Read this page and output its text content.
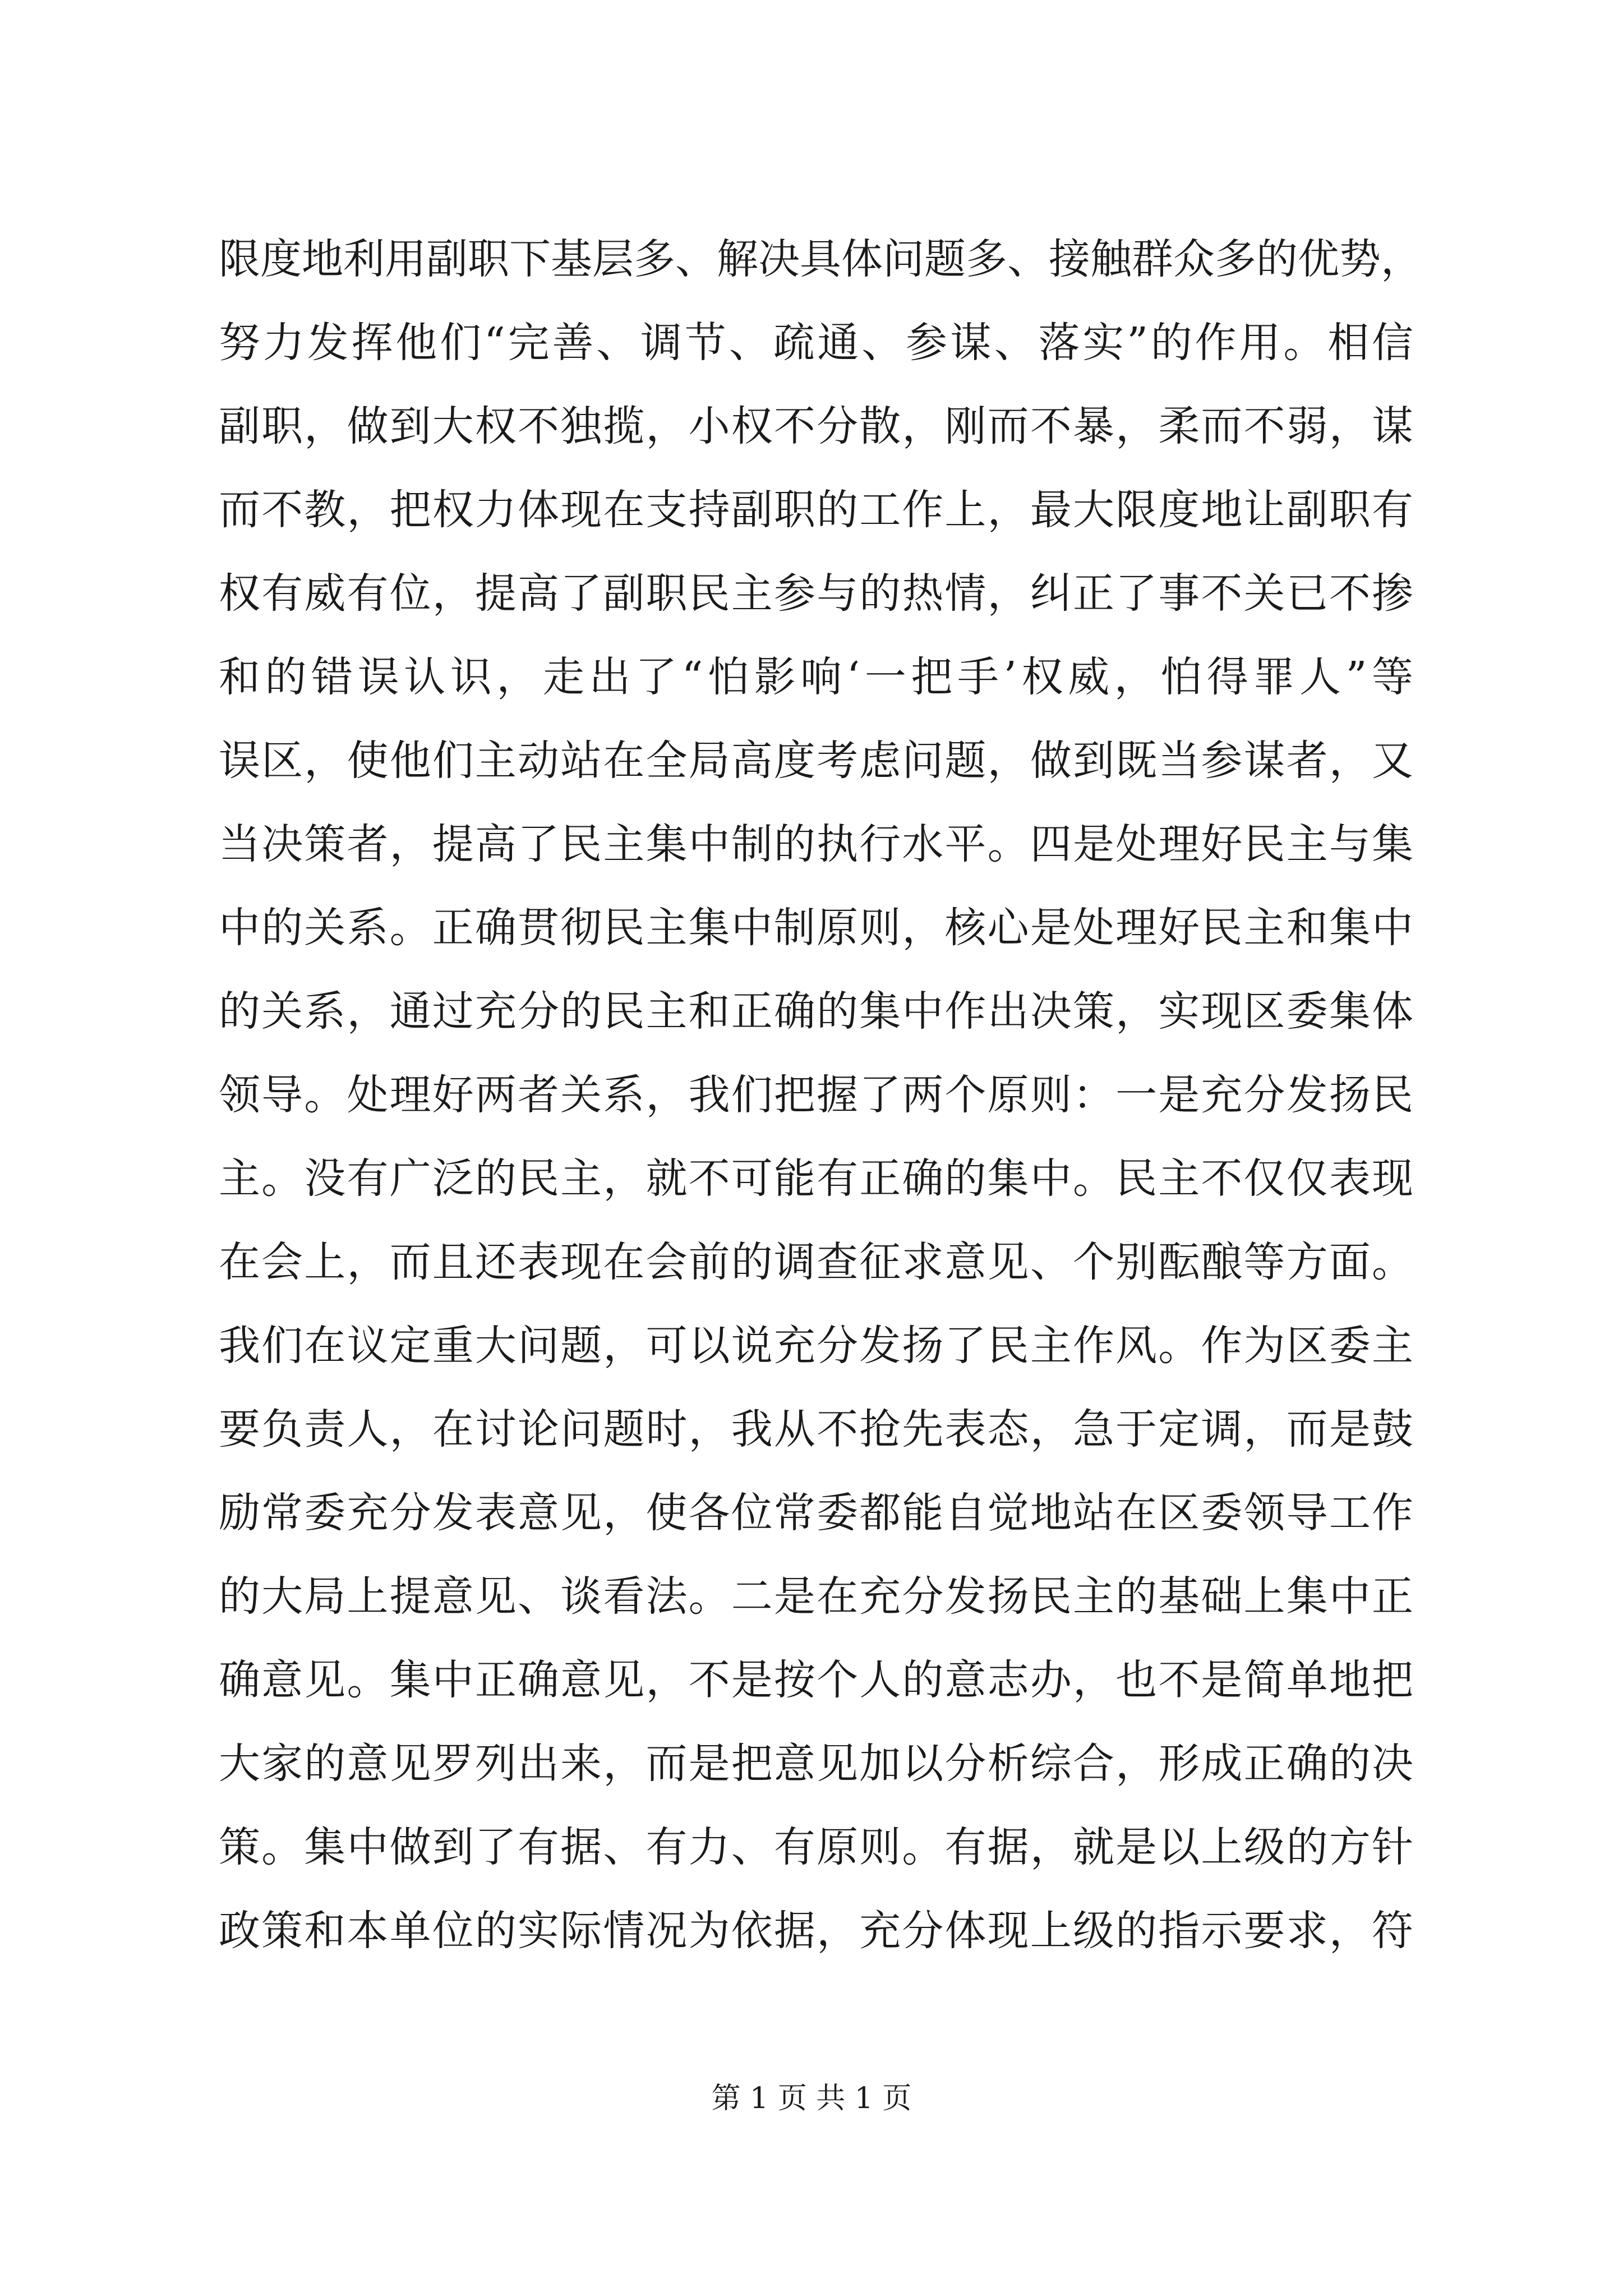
限度地利用副职下基层多、解决具体问题多、接触群众多的优势，
努力发挥他们“完善、调节、疏通、参谋、落实”的作用。相信
副职，做到大权不独揽，小权不分散，刚而不暴，柔而不弱，谋
而不教，把权力体现在支持副职的工作上，最大限度地让副职有
权有威有位，提高了副职民主参与的热情，纠正了事不关已不掺
和的错误认识，走出了“怕影响‘一把手’权威，怕得罪人”等
误区，使他们主动站在全局高度考虑问题，做到既当参谋者，又
当决策者，提高了民主集中制的执行水平。四是处理好民主与集
中的关系。正确贯彻民主集中制原则，核心是处理好民主和集中
的关系，通过充分的民主和正确的集中作出决策，实现区委集体
领导。处理好两者关系，我们把握了两个原则：一是充分发扬民
主。没有广泛的民主，就不可能有正确的集中。民主不仅仅表现
在会上，而且还表现在会前的调查征求意见、个别酝酿等方面。
我们在议定重大问题，可以说充分发扬了民主作风。作为区委主
要负责人，在讨论问题时，我从不抢先表态，急于定调，而是鼓
励常委充分发表意见，使各位常委都能自觉地站在区委领导工作
的大局上提意见、谈看法。二是在充分发扬民主的基础上集中正
确意见。集中正确意见，不是按个人的意志办，也不是简单地把
大家的意见罗列出来，而是把意见加以分析综合，形成正确的决
策。集中做到了有据、有力、有原则。有据，就是以上级的方针
政策和本单位的实际情况为依据，充分体现上级的指示要求，符
第 1 页 共 1 页
